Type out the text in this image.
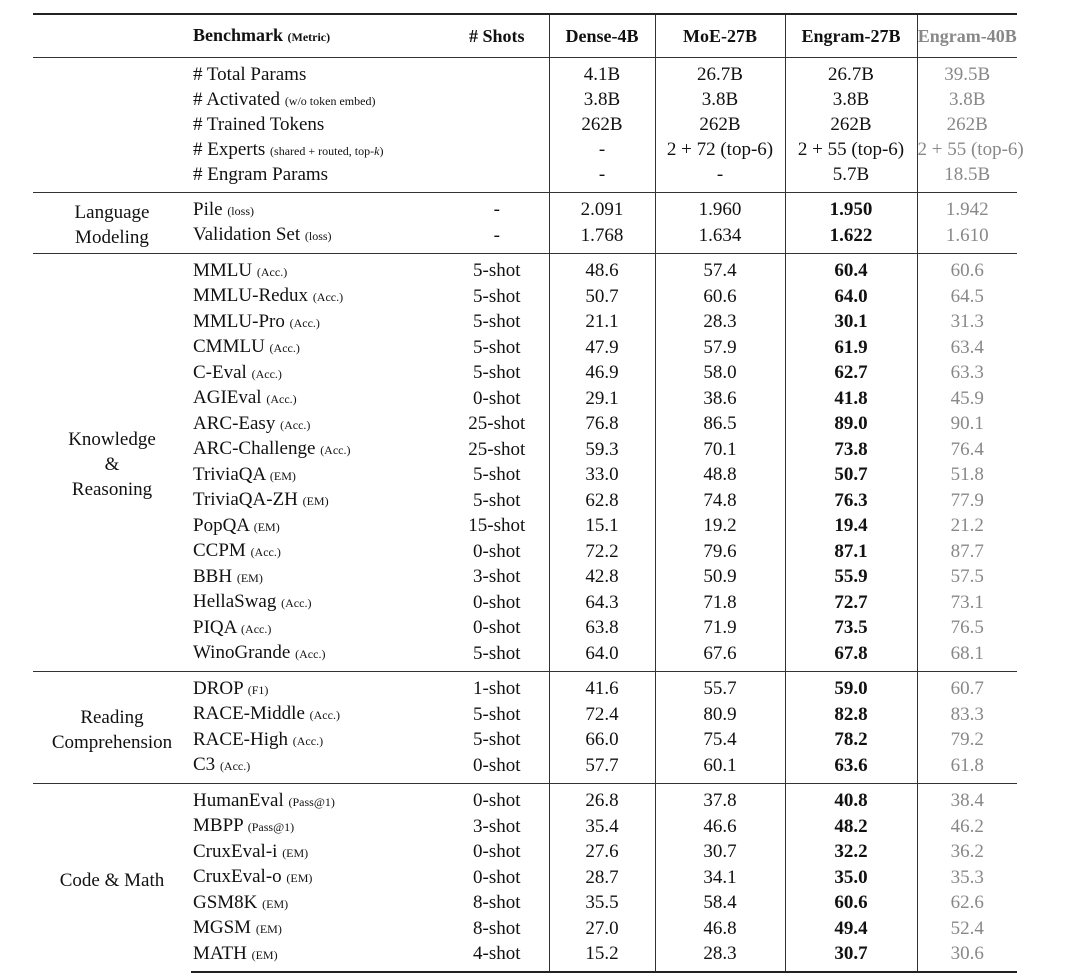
	Benchmark (Metric)	# Shots	Dense-4B	MoE-27B	Engram-27B	Engram-40B
	# Total Params		4.1B	26.7B	26.7B	39.5B
	# Activated (w/o token embed)		3.8B	3.8B	3.8B	3.8B
	# Trained Tokens		262B	262B	262B	262B
	# Experts (shared + routed, top-k)		-	2 + 72 (top-6)	2 + 55 (top-6)	2 + 55 (top-6)
	# Engram Params		-	-	5.7B	18.5B
Language
Modeling	Pile (loss)	-	2.091	1.960	1.950	1.942
	Validation Set (loss)	-	1.768	1.634	1.622	1.610
Knowledge
&
Reasoning	MMLU (Acc.)	5-shot	48.6	57.4	60.4	60.6
	MMLU-Redux (Acc.)	5-shot	50.7	60.6	64.0	64.5
	MMLU-Pro (Acc.)	5-shot	21.1	28.3	30.1	31.3
	CMMLU (Acc.)	5-shot	47.9	57.9	61.9	63.4
	C-Eval (Acc.)	5-shot	46.9	58.0	62.7	63.3
	AGIEval (Acc.)	0-shot	29.1	38.6	41.8	45.9
	ARC-Easy (Acc.)	25-shot	76.8	86.5	89.0	90.1
	ARC-Challenge (Acc.)	25-shot	59.3	70.1	73.8	76.4
	TriviaQA (EM)	5-shot	33.0	48.8	50.7	51.8
	TriviaQA-ZH (EM)	5-shot	62.8	74.8	76.3	77.9
	PopQA (EM)	15-shot	15.1	19.2	19.4	21.2
	CCPM (Acc.)	0-shot	72.2	79.6	87.1	87.7
	BBH (EM)	3-shot	42.8	50.9	55.9	57.5
	HellaSwag (Acc.)	0-shot	64.3	71.8	72.7	73.1
	PIQA (Acc.)	0-shot	63.8	71.9	73.5	76.5
	WinoGrande (Acc.)	5-shot	64.0	67.6	67.8	68.1
Reading
Comprehension	DROP (F1)	1-shot	41.6	55.7	59.0	60.7
	RACE-Middle (Acc.)	5-shot	72.4	80.9	82.8	83.3
	RACE-High (Acc.)	5-shot	66.0	75.4	78.2	79.2
	C3 (Acc.)	0-shot	57.7	60.1	63.6	61.8
Code & Math	HumanEval (Pass@1)	0-shot	26.8	37.8	40.8	38.4
	MBPP (Pass@1)	3-shot	35.4	46.6	48.2	46.2
	CruxEval-i (EM)	0-shot	27.6	30.7	32.2	36.2
	CruxEval-o (EM)	0-shot	28.7	34.1	35.0	35.3
	GSM8K (EM)	8-shot	35.5	58.4	60.6	62.6
	MGSM (EM)	8-shot	27.0	46.8	49.4	52.4
	MATH (EM)	4-shot	15.2	28.3	30.7	30.6
